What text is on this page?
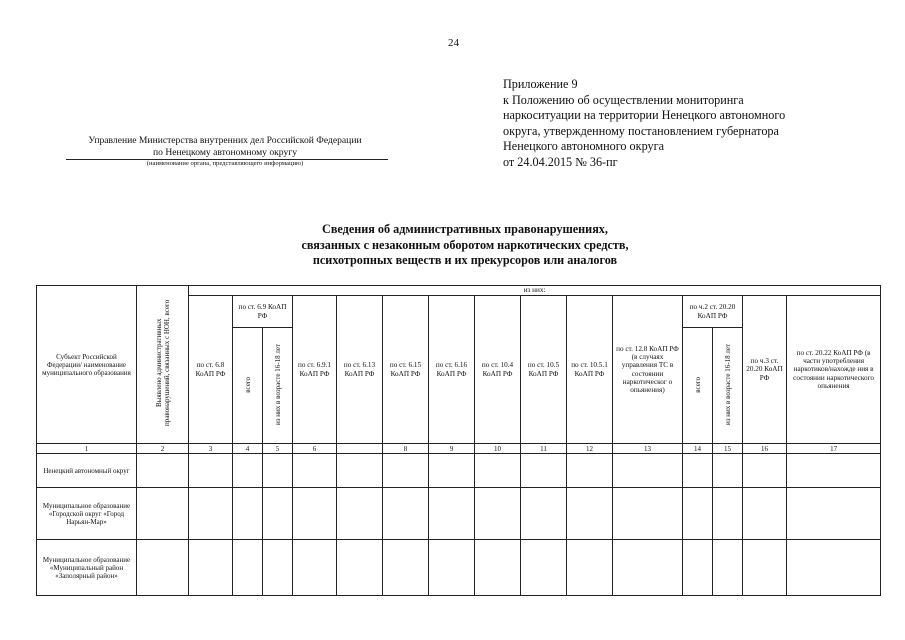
24
Приложение 9
к Положению об осуществлении мониторинга
наркоситуации на территории Ненецкого автономного
округа, утвержденному постановлением губернатора
Ненецкого автономного округа
от 24.04.2015 № 36-пг
Управление Министерства внутренних дел Российской Федерации
по Ненецкому автономному округу
(наименование органа, представляющего информацию)
Сведения об административных правонарушениях,
связанных с незаконным оборотом наркотических средств,
психотропных веществ и их прекурсоров или аналогов
Субъект Российской Федерации/ наименование муниципального образования	Выявлено административных правонарушений, связанных с НОН, всего	из них:														
		по ст. 6.8 КоАП РФ	по ст. 6.9 КоАП РФ		по ст. 6.9.1 КоАП РФ	по ст. 6.13 КоАП РФ	по ст. 6.15 КоАП РФ	по ст. 6.16 КоАП РФ	по ст. 10.4 КоАП РФ	по ст. 10.5 КоАП РФ	по ст. 10.5.1 КоАП РФ	по ст. 12.8 КоАП РФ (в случаях управления ТС в состоянии наркотическог о опьянения)	по ч.2 ст. 20.20 КоАП РФ		по ч.3 ст. 20.20 КоАП РФ	по ст. 20.22 КоАП РФ (в части употребления наркотиков/нахожде ния в состоянии наркотического опьянения
			всего	из них в возрасте 16-18 лет									всего	из них в возрасте 16-18 лет		
1	2	3	4	5	6		8	9	10	11	12	13	14	15	16	17
Ненецкий автономный округ																
Муниципальное образование «Городской округ «Город Нарьян-Мар»																
Муниципальное образование «Муниципальный район «Заполярный район»																
